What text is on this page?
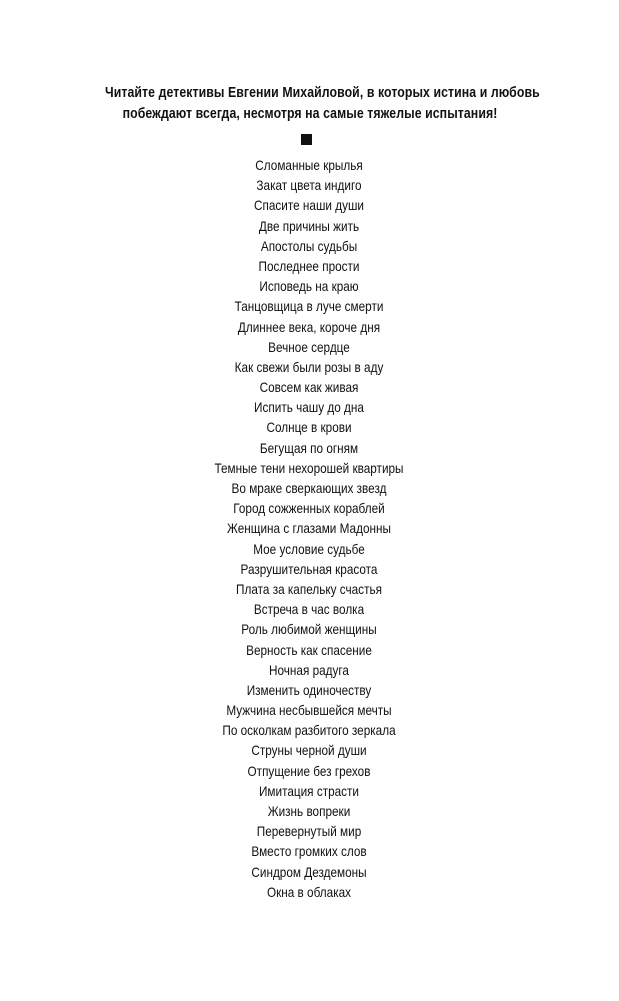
Читайте детективы Евгении Михайловой, в которых истина и любовь
побеждают всегда, несмотря на самые тяжелые испытания!
Сломанные крылья
Закат цвета индиго
Спасите наши души
Две причины жить
Апостолы судьбы
Последнее прости
Исповедь на краю
Танцовщица в луче смерти
Длиннее века, короче дня
Вечное сердце
Как свежи были розы в аду
Совсем как живая
Испить чашу до дна
Солнце в крови
Бегущая по огням
Темные тени нехорошей квартиры
Во мраке сверкающих звезд
Город сожженных кораблей
Женщина с глазами Мадонны
Мое условие судьбе
Разрушительная красота
Плата за капельку счастья
Встреча в час волка
Роль любимой женщины
Верность как спасение
Ночная радуга
Изменить одиночеству
Мужчина несбывшейся мечты
По осколкам разбитого зеркала
Струны черной души
Отпущение без грехов
Имитация страсти
Жизнь вопреки
Перевернутый мир
Вместо громких слов
Синдром Дездемоны
Окна в облаках
